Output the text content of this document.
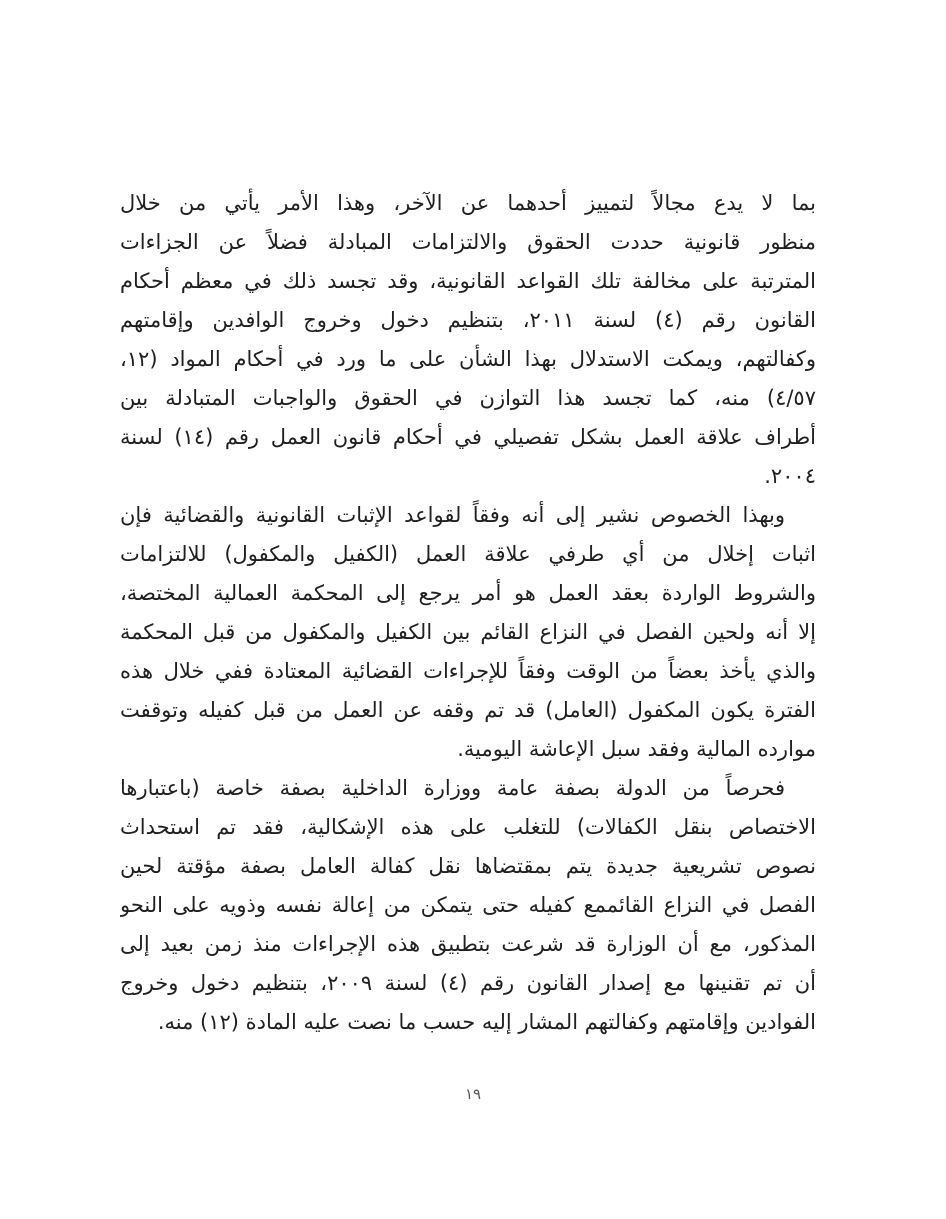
بما لا يدع مجالاً لتمييز أحدهما عن الآخر، وهذا الأمر يأتي من خلال
منظور قانونية حددت الحقوق والالتزامات المبادلة فضلاً عن الجزاءات
المترتبة على مخالفة تلك القواعد القانونية، وقد تجسد ذلك في معظم أحكام
القانون رقم (٤) لسنة ٢٠١١، بتنظيم دخول وخروج الوافدين وإقامتهم
وكفالتهم، ويمكت الاستدلال بهذا الشأن على ما ورد في أحكام المواد (١٢،
٤/٥٧) منه، كما تجسد هذا التوازن في الحقوق والواجبات المتبادلة بين
أطراف علاقة العمل بشكل تفصيلي في أحكام قانون العمل رقم (١٤) لسنة
٢٠٠٤.
وبهذا الخصوص نشير إلى أنه وفقاً لقواعد الإثبات القانونية والقضائية فإن
اثبات إخلال من أي طرفي علاقة العمل (الكفيل والمكفول) للالتزامات
والشروط الواردة بعقد العمل هو أمر يرجع إلى المحكمة العمالية المختصة،
إلا أنه ولحين الفصل في النزاع القائم بين الكفيل والمكفول من قبل المحكمة
والذي يأخذ بعضاً من الوقت وفقاً للإجراءات القضائية المعتادة ففي خلال هذه
الفترة يكون المكفول (العامل) قد تم وقفه عن العمل من قبل كفيله وتوقفت
موارده المالية وفقد سبل الإعاشة اليومية.
فحرصاً من الدولة بصفة عامة ووزارة الداخلية بصفة خاصة (باعتبارها
الاختصاص بنقل الكفالات) للتغلب على هذه الإشكالية، فقد تم استحداث
نصوص تشريعية جديدة يتم بمقتضاها نقل كفالة العامل بصفة مؤقتة لحين
الفصل في النزاع القائممع كفيله حتى يتمكن من إعالة نفسه وذويه على النحو
المذكور، مع أن الوزارة قد شرعت بتطبيق هذه الإجراءات منذ زمن بعيد إلى
أن تم تقنينها مع إصدار القانون رقم (٤) لسنة ٢٠٠٩، بتنظيم دخول وخروج
الفوادين وإقامتهم وكفالتهم المشار إليه حسب ما نصت عليه المادة (١٢) منه.
١٩
